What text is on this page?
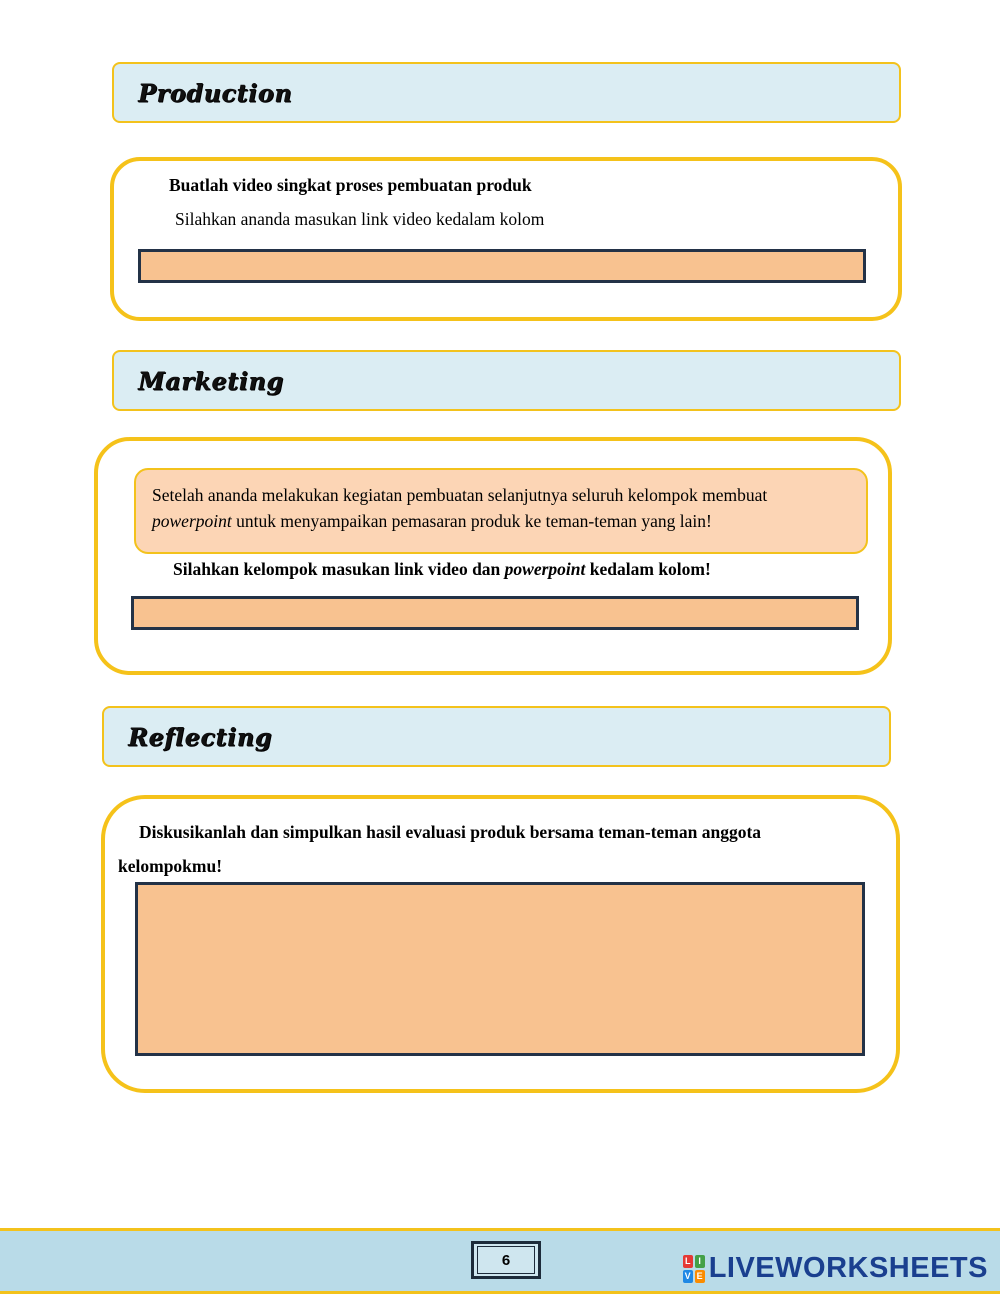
Production
Buatlah video singkat proses pembuatan produk
Silahkan ananda masukan link video kedalam kolom
Marketing
Setelah ananda melakukan kegiatan pembuatan selanjutnya seluruh kelompok membuat
powerpoint untuk menyampaikan pemasaran produk ke teman-teman yang lain!
Silahkan kelompok masukan link video dan powerpoint kedalam kolom!
Reflecting
Diskusikanlah dan simpulkan hasil evaluasi produk bersama teman-teman anggota
kelompokmu!
6	L I
V E LIVEWORKSHEETS
